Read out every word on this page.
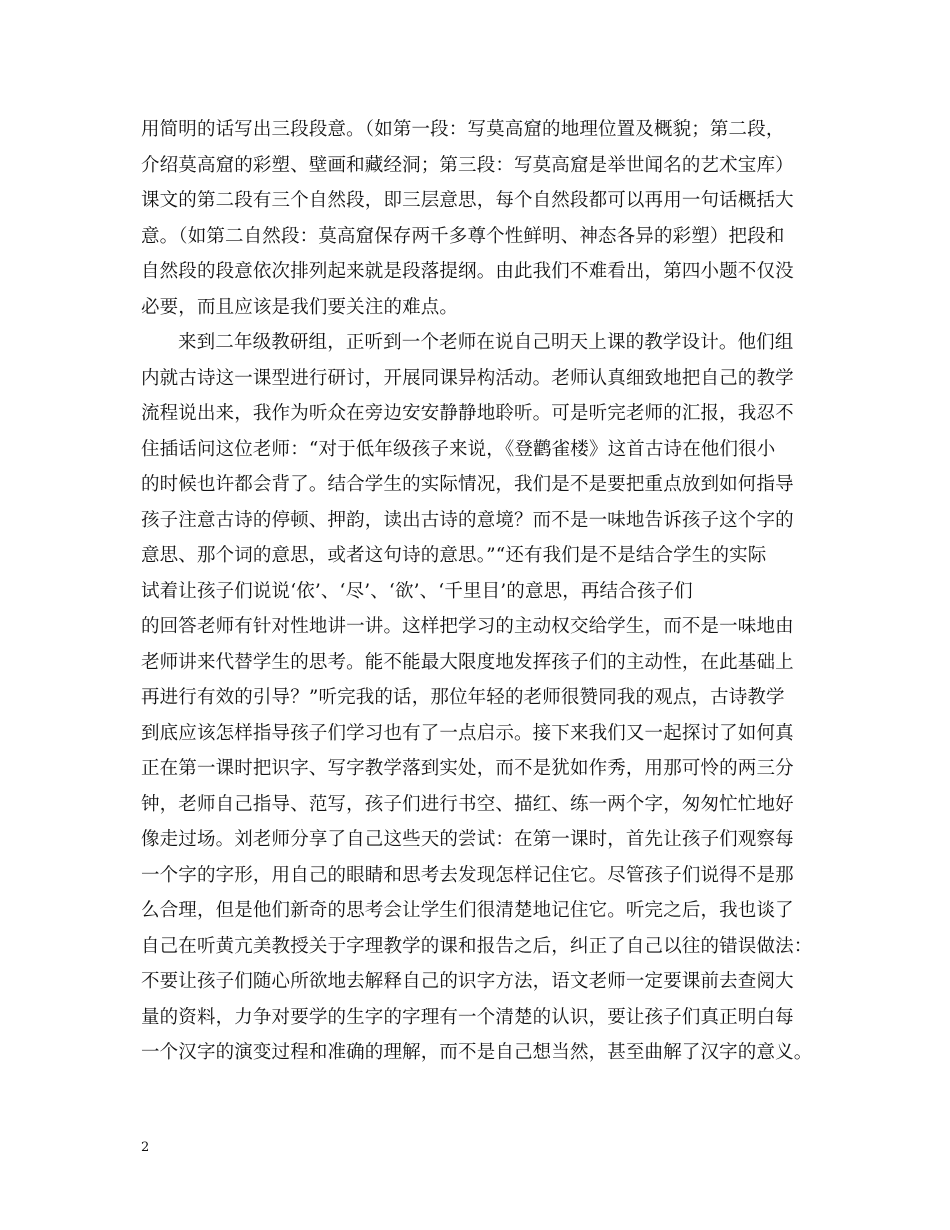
用简明的话写出三段段意。（如第一段：写莫高窟的地理位置及概貌；第二段，
介绍莫高窟的彩塑、壁画和藏经洞；第三段：写莫高窟是举世闻名的艺术宝库）
课文的第二段有三个自然段，即三层意思，每个自然段都可以再用一句话概括大
意。（如第二自然段：莫高窟保存两千多尊个性鲜明、神态各异的彩塑）把段和
自然段的段意依次排列起来就是段落提纲。由此我们不难看出，第四小题不仅没
必要，而且应该是我们要关注的难点。
来到二年级教研组，正听到一个老师在说自己明天上课的教学设计。他们组
内就古诗这一课型进行研讨，开展同课异构活动。老师认真细致地把自己的教学
流程说出来，我作为听众在旁边安安静静地聆听。可是听完老师的汇报，我忍不
住插话问这位老师：“对于低年级孩子来说，《登鹳雀楼》这首古诗在他们很小
的时候也许都会背了。结合学生的实际情况，我们是不是要把重点放到如何指导
孩子注意古诗的停顿、押韵，读出古诗的意境？而不是一味地告诉孩子这个字的
意思、那个词的意思，或者这句诗的意思。”“还有我们是不是结合学生的实际
试着让孩子们说说‘依’、‘尽’、‘欲’、‘千里目’的意思，再结合孩子们
的回答老师有针对性地讲一讲。这样把学习的主动权交给学生，而不是一味地由
老师讲来代替学生的思考。能不能最大限度地发挥孩子们的主动性，在此基础上
再进行有效的引导？”听完我的话，那位年轻的老师很赞同我的观点，古诗教学
到底应该怎样指导孩子们学习也有了一点启示。接下来我们又一起探讨了如何真
正在第一课时把识字、写字教学落到实处，而不是犹如作秀，用那可怜的两三分
钟，老师自己指导、范写，孩子们进行书空、描红、练一两个字，匆匆忙忙地好
像走过场。刘老师分享了自己这些天的尝试：在第一课时，首先让孩子们观察每
一个字的字形，用自己的眼睛和思考去发现怎样记住它。尽管孩子们说得不是那
么合理，但是他们新奇的思考会让学生们很清楚地记住它。听完之后，我也谈了
自己在听黄亢美教授关于字理教学的课和报告之后，纠正了自己以往的错误做法：
不要让孩子们随心所欲地去解释自己的识字方法，语文老师一定要课前去查阅大
量的资料，力争对要学的生字的字理有一个清楚的认识，要让孩子们真正明白每
一个汉字的演变过程和准确的理解，而不是自己想当然，甚至曲解了汉字的意义。
2
